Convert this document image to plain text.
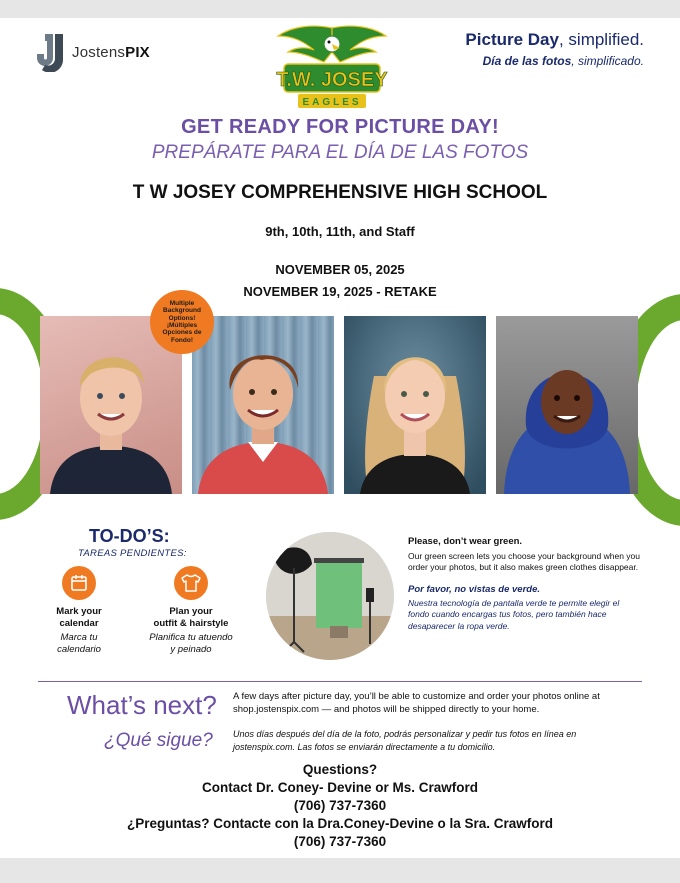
JostensPIX
T.W. JOSEY
EAGLES
Picture Day, simplified.
Día de las fotos, simplificado.
GET READY FOR PICTURE DAY!
PREPÁRATE PARA EL DÍA DE LAS FOTOS
T W JOSEY COMPREHENSIVE HIGH SCHOOL
9th, 10th, 11th, and Staff
NOVEMBER 05, 2025
NOVEMBER 19, 2025 - RETAKE
Multiple Background Options! ¡Múltiples Opciones de Fondo!
TO-DO’S:
TAREAS PENDIENTES:
Mark your
calendar
Marca tu
calendario
Plan your
outfit & hairstyle
Planifica tu atuendo
y peinado
Please, don’t wear green.
Our green screen lets you choose your background when you order your photos, but it also makes green clothes disappear.
Por favor, no vistas de verde.
Nuestra tecnología de pantalla verde te permite elegir el fondo cuando encargas tus fotos, pero también hace desaparecer la ropa verde.
What’s next?
¿Qué sigue?
A few days after picture day, you’ll be able to customize and order your photos online at shop.jostenspix.com — and photos will be shipped directly to your home.
Unos días después del día de la foto, podrás personalizar y pedir tus fotos en línea en jostenspix.com. Las fotos se enviarán directamente a tu domicilio.
Questions?
Contact Dr. Coney- Devine or Ms. Crawford
(706) 737-7360
¿Preguntas? Contacte con la Dra.Coney-Devine o la Sra. Crawford
(706) 737-7360
